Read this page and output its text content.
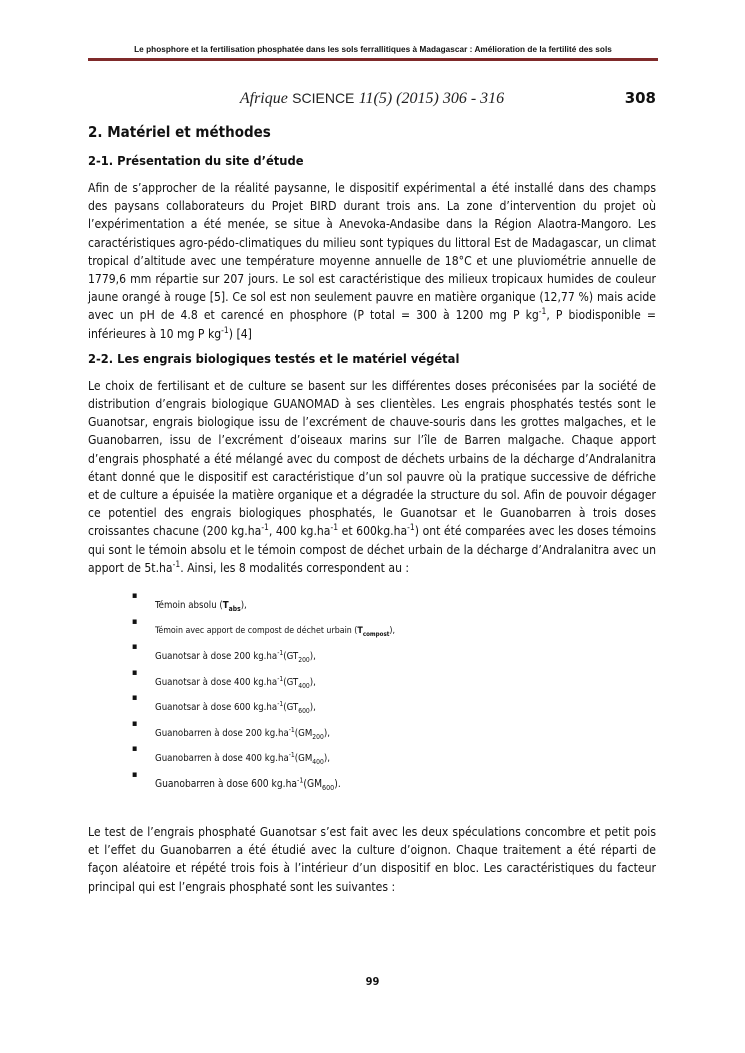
Le phosphore et la fertilisation phosphatée dans les sols ferrallitiques à Madagascar : Amélioration de la fertilité des sols
Afrique SCIENCE 11(5) (2015) 306 - 316	308
2. Matériel et méthodes
2-1. Présentation du site d’étude

Afin de s’approcher de la réalité paysanne, le dispositif expérimental a été installé dans des champs des paysans collaborateurs du Projet BIRD durant trois ans. La zone d’intervention du projet où l’expérimentation a été menée, se situe à Anevoka-Andasibe dans la Région Alaotra-Mangoro. Les caractéristiques agro-pédo-climatiques du milieu sont typiques du littoral Est de Madagascar, un climat tropical d’altitude avec une température moyenne annuelle de 18°C et une pluviométrie annuelle de 1779,6 mm répartie sur 207 jours. Le sol est caractéristique des milieux tropicaux humides de couleur jaune orangé à rouge [5]. Ce sol est non seulement pauvre en matière organique (12,77 %) mais acide avec un pH de 4.8 et carencé en phosphore (P total = 300 à 1200 mg P $kg^{-1}$, P biodisponible = inférieures à 10 mg P $kg^{-1}$) [4]

2-2. Les engrais biologiques testés et le matériel végétal

Le choix de fertilisant et de culture se basent sur les différentes doses préconisées par la société de distribution d’engrais biologique GUANOMAD à ses clientèles. Les engrais phosphatés testés sont le Guanotsar, engrais biologique issu de l’excrément de chauve-souris dans les grottes malgaches, et le Guanobarren, issu de l’excrément d’oiseaux marins sur l’île de Barren malgache. Chaque apport d’engrais phosphaté a été mélangé avec du compost de déchets urbains de la décharge d’Andralanitra étant donné que le dispositif est caractéristique d’un sol pauvre où la pratique successive de défriche et de culture a épuisée la matière organique et a dégradée la structure du sol. Afin de pouvoir dégager ce potentiel des engrais biologiques phosphatés, le Guanotsar et le Guanobarren à trois doses croissantes chacune (200 $kg.ha^{-1}$, 400 $kg.ha^{-1}$ et $600kg.ha^{-1}$) ont été comparées avec les doses témoins qui sont le témoin absolu et le témoin compost de déchet urbain de la décharge d’Andralanitra avec un apport de $5t.ha^{-1}$. Ainsi, les 8 modalités correspondent au :

▪
Témoin absolu $(T_{abs})$,
▪
Témoin avec apport de compost de déchet urbain $(T_{compost})$,
▪
Guanotsar à dose 200 $kg.ha^{-1}(GT_{200})$,
▪
Guanotsar à dose 400 $kg.ha^{-1}(GT_{400})$,
▪
Guanotsar à dose 600 $kg.ha^{-1}(GT_{600})$,
▪
Guanobarren à dose 200 $kg.ha^{-1}(GM_{200})$,
▪
Guanobarren à dose 400 $kg.ha^{-1}(GM_{400})$,
▪
Guanobarren à dose 600 $kg.ha^{-1}(GM_{600})$.

Le test de l’engrais phosphaté Guanotsar s’est fait avec les deux spéculations concombre et petit pois et l’effet du Guanobarren a été étudié avec la culture d’oignon. Chaque traitement a été réparti de façon aléatoire et répété trois fois à l’intérieur d’un dispositif en bloc. Les caractéristiques du facteur principal qui est l’engrais phosphaté sont les suivantes :

99
